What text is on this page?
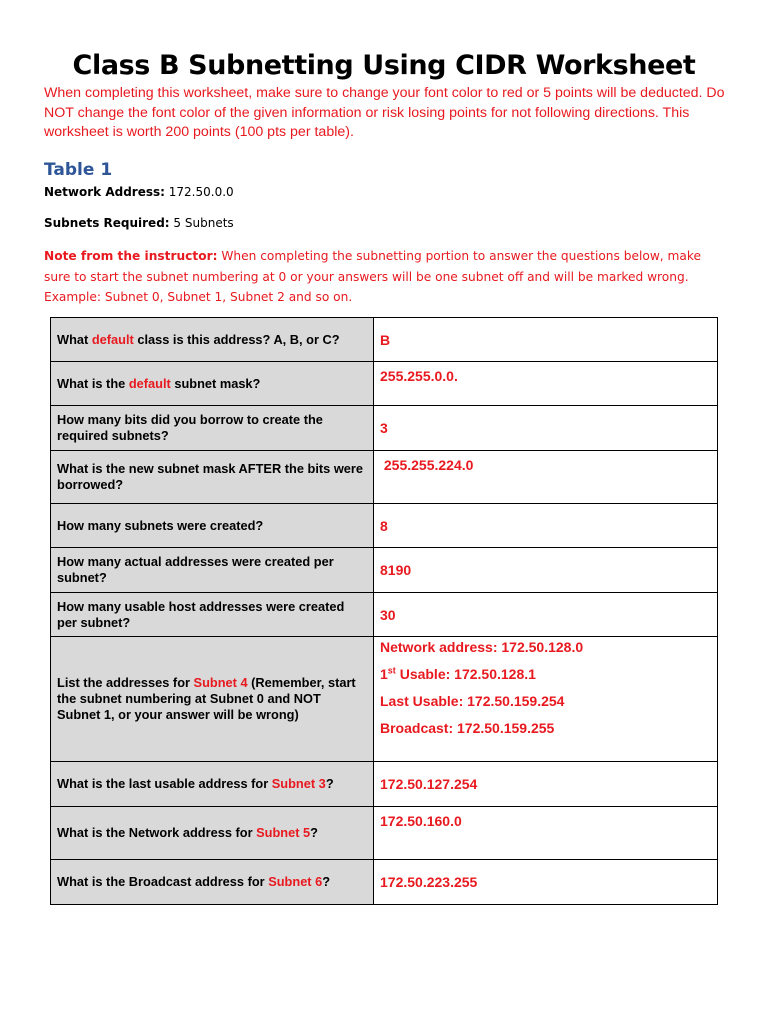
Class B Subnetting Using CIDR Worksheet
When completing this worksheet, make sure to change your font color to red or 5 points will be deducted. Do NOT change the font color of the given information or risk losing points for not following directions. This worksheet is worth 200 points (100 pts per table).
Table 1
Network Address: 172.50.0.0
Subnets Required: 5 Subnets
Note from the instructor: When completing the subnetting portion to answer the questions below, make sure to start the subnet numbering at 0 or your answers will be one subnet off and will be marked wrong. Example: Subnet 0, Subnet 1, Subnet 2 and so on.
What default class is this address? A, B, or C?	B
What is the default subnet mask?	255.255.0.0.
How many bits did you borrow to create the required subnets?	3
What is the new subnet mask AFTER the bits were borrowed?	255.255.224.0
How many subnets were created?	8
How many actual addresses were created per subnet?	8190
How many usable host addresses were created per subnet?	30
List the addresses for Subnet 4 (Remember, start the subnet numbering at Subnet 0 and NOT Subnet 1, or your answer will be wrong)	Network address: 172.50.128.0
1st Usable: 172.50.128.1
Last Usable: 172.50.159.254
Broadcast: 172.50.159.255

What is the last usable address for Subnet 3?	172.50.127.254
What is the Network address for Subnet 5?	172.50.160.0
What is the Broadcast address for Subnet 6?	172.50.223.255
